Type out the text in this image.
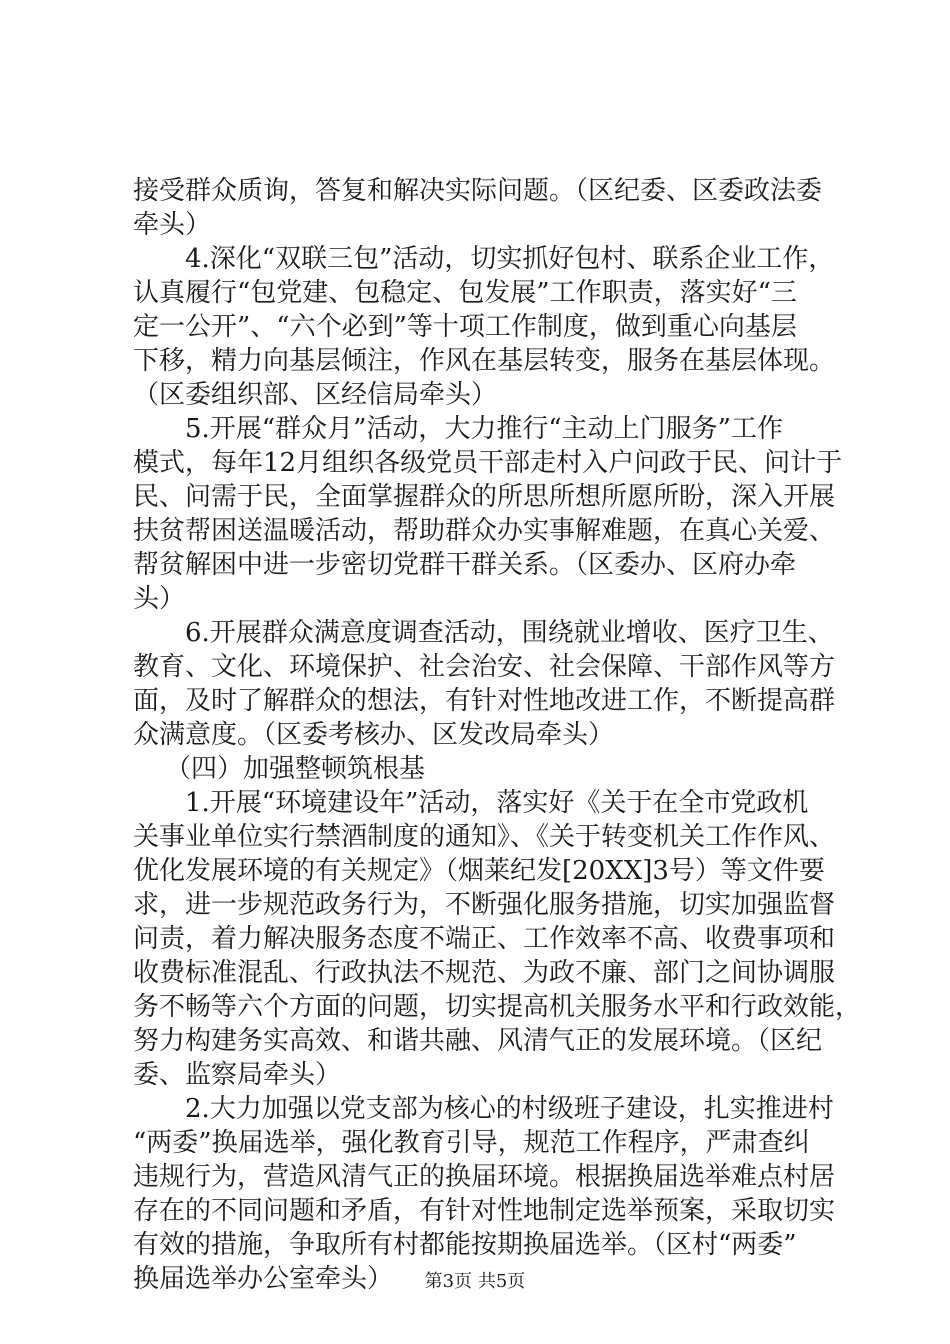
接受群众质询，答复和解决实际问题。（区纪委、区委政法委
牵头）
4.深化“双联三包”活动，切实抓好包村、联系企业工作，
认真履行“包党建、包稳定、包发展”工作职责，落实好“三
定一公开”、“六个必到”等十项工作制度，做到重心向基层
下移，精力向基层倾注，作风在基层转变，服务在基层体现。
（区委组织部、区经信局牵头）
5.开展“群众月”活动，大力推行“主动上门服务”工作
模式，每年12月组织各级党员干部走村入户问政于民、问计于
民、问需于民，全面掌握群众的所思所想所愿所盼，深入开展
扶贫帮困送温暖活动，帮助群众办实事解难题，在真心关爱、
帮贫解困中进一步密切党群干群关系。（区委办、区府办牵
头）
6.开展群众满意度调查活动，围绕就业增收、医疗卫生、
教育、文化、环境保护、社会治安、社会保障、干部作风等方
面，及时了解群众的想法，有针对性地改进工作，不断提高群
众满意度。（区委考核办、区发改局牵头）
（四）加强整顿筑根基
1.开展“环境建设年”活动，落实好《关于在全市党政机
关事业单位实行禁酒制度的通知》、《关于转变机关工作作风、
优化发展环境的有关规定》（烟莱纪发[20XX]3号）等文件要
求，进一步规范政务行为，不断强化服务措施，切实加强监督
问责，着力解决服务态度不端正、工作效率不高、收费事项和
收费标准混乱、行政执法不规范、为政不廉、部门之间协调服
务不畅等六个方面的问题，切实提高机关服务水平和行政效能，
努力构建务实高效、和谐共融、风清气正的发展环境。（区纪
委、监察局牵头）
2.大力加强以党支部为核心的村级班子建设，扎实推进村
“两委”换届选举，强化教育引导，规范工作程序，严肃查纠
违规行为，营造风清气正的换届环境。根据换届选举难点村居
存在的不同问题和矛盾，有针对性地制定选举预案，采取切实
有效的措施，争取所有村都能按期换届选举。（区村“两委”
换届选举办公室牵头）	第3页 共5页
